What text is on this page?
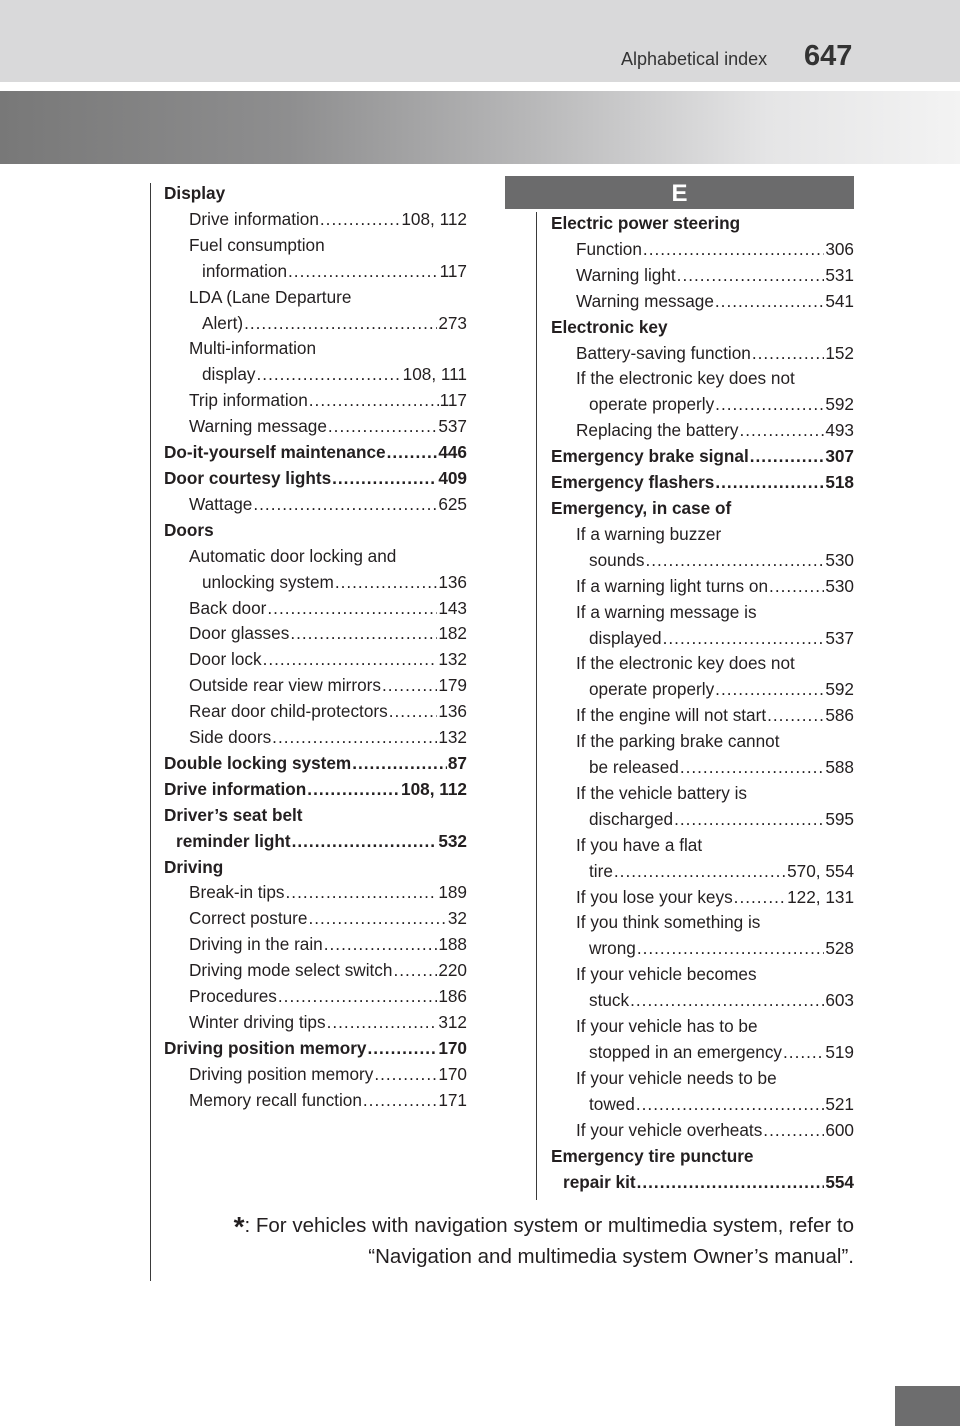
Alphabetical index 647
Display
Drive information .....	108, 112
Fuel consumption
information .....	117
LDA (Lane Departure
Alert) .....	273
Multi-information
display .....	108, 111
Trip information .....	117
Warning message .....	537
Do-it-yourself maintenance .....	446
Door courtesy lights .....	409
Wattage .....	625
Doors
Automatic door locking and
unlocking system .....	136
Back door .....	143
Door glasses .....	182
Door lock .....	132
Outside rear view mirrors .....	179
Rear door child-protectors .....	136
Side doors .....	132
Double locking system .....	87
Drive information .....	108, 112
Driver’s seat belt
reminder light .....	532
Driving
Break-in tips .....	189
Correct posture .....	32
Driving in the rain .....	188
Driving mode select switch .....	220
Procedures .....	186
Winter driving tips .....	312
Driving position memory .....	170
Driving position memory .....	170
Memory recall function .....	171
E
Electric power steering
Function .....	306
Warning light .....	531
Warning message .....	541
Electronic key
Battery-saving function .....	152
If the electronic key does not
operate properly .....	592
Replacing the battery .....	493
Emergency brake signal .....	307
Emergency flashers .....	518
Emergency, in case of
If a warning buzzer
sounds .....	530
If a warning light turns on .....	530
If a warning message is
displayed .....	537
If the electronic key does not
operate properly .....	592
If the engine will not start .....	586
If the parking brake cannot
be released .....	588
If the vehicle battery is
discharged .....	595
If you have a flat
tire .....	570, 554
If you lose your keys .....	122, 131
If you think something is
wrong .....	528
If your vehicle becomes
stuck .....	603
If your vehicle has to be
stopped in an emergency .....	519
If your vehicle needs to be
towed .....	521
If your vehicle overheats .....	600
Emergency tire puncture
repair kit .....	554
*: For vehicles with navigation system or multimedia system, refer to
“Navigation and multimedia system Owner’s manual”.
